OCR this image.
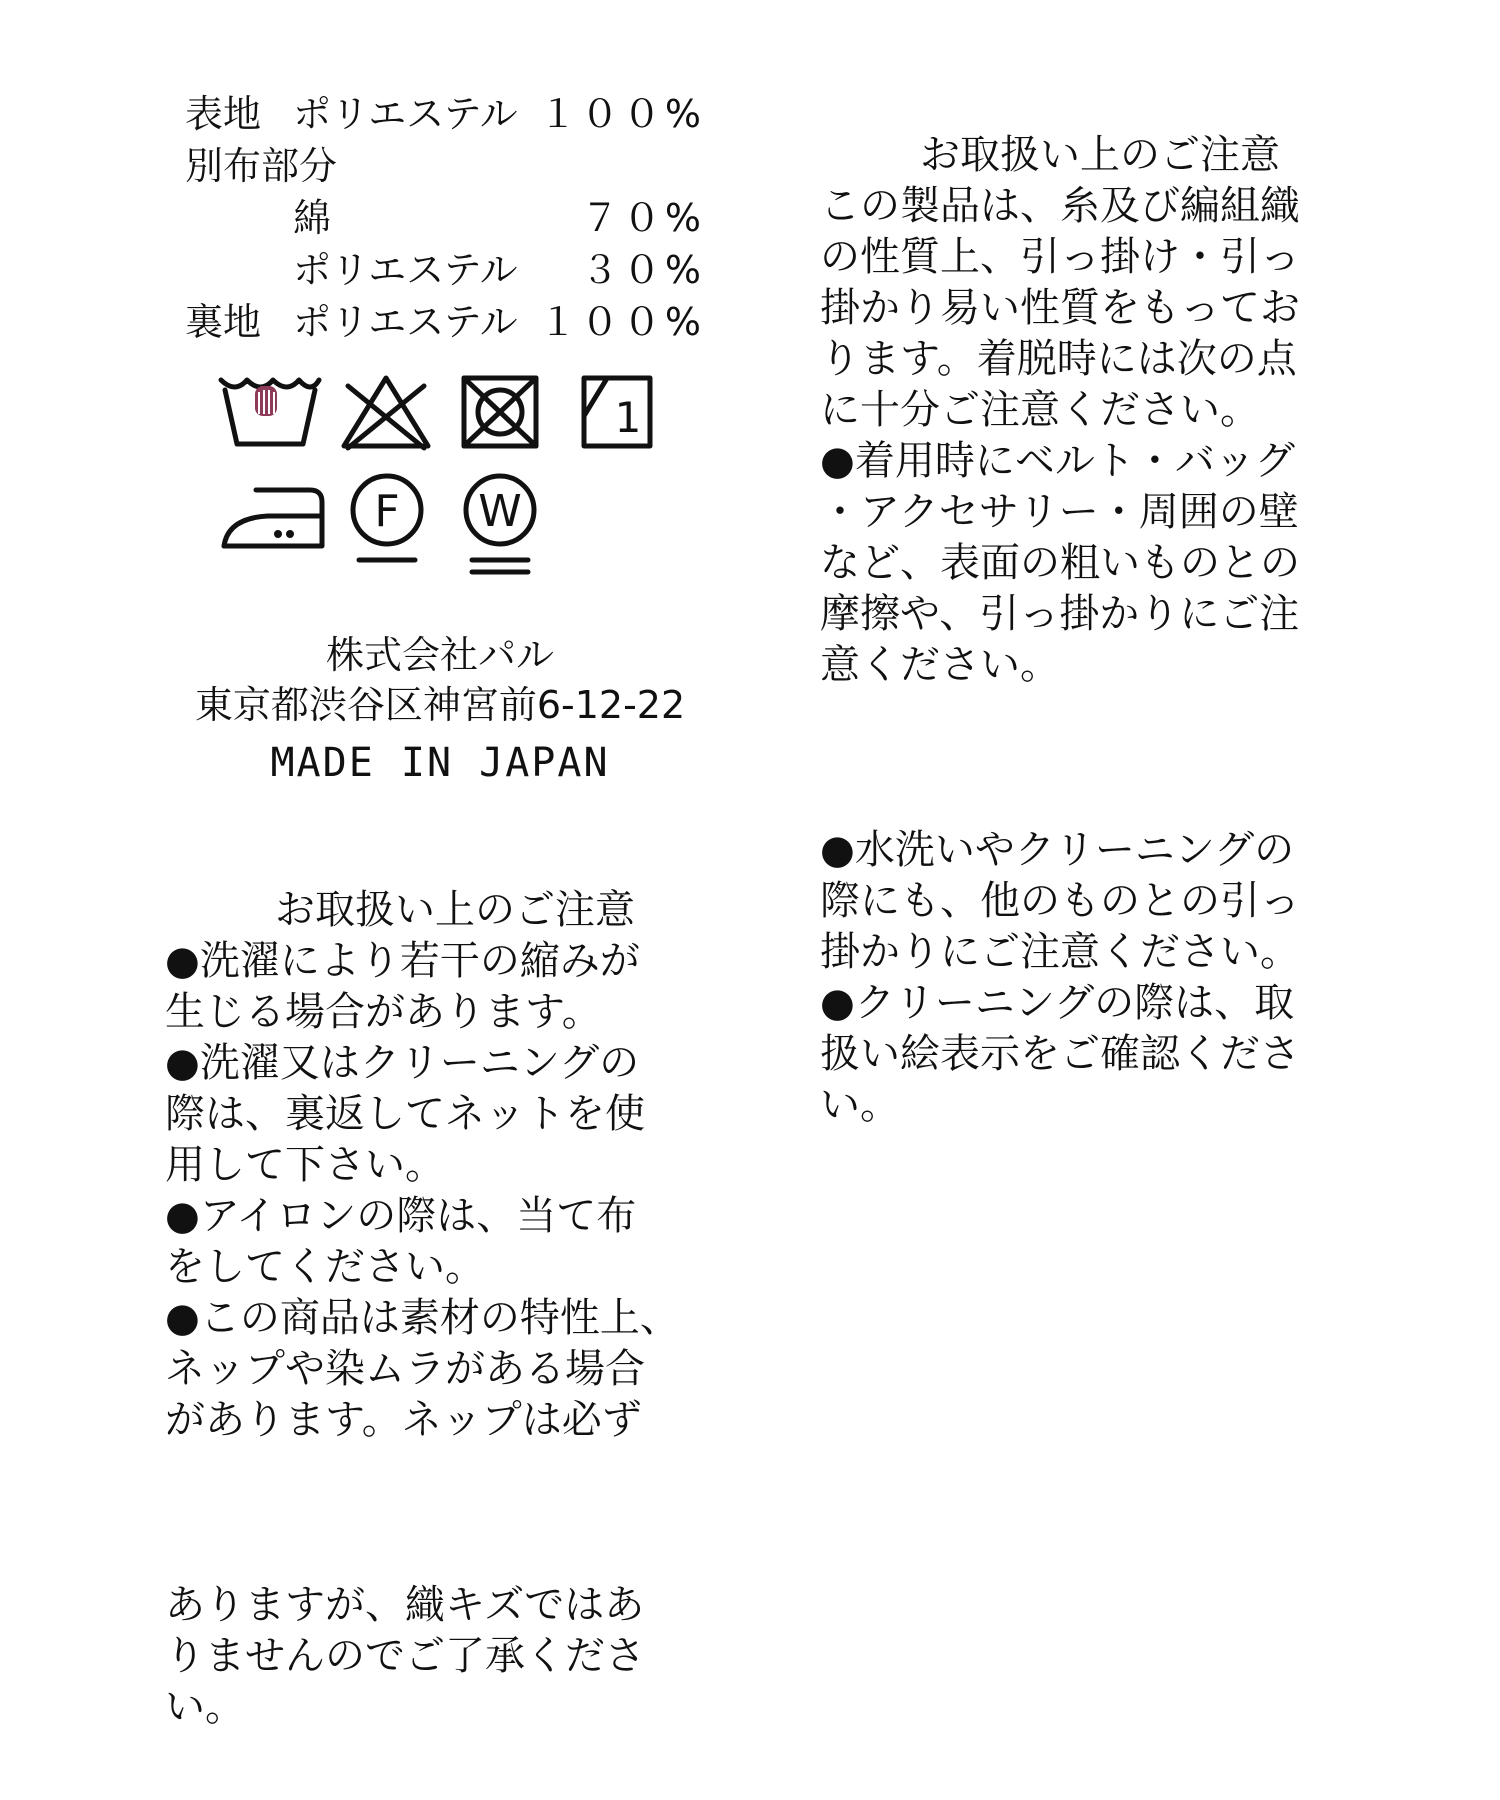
表地 ポリエステル １００%
別布部分
綿	７０%
ポリエステル ３０%
裏地 ポリエステル １００%
1
F W
株式会社パル
東京都渋谷区神宮前6-12-22
MADE IN JAPAN
お取扱い上のご注意
●洗濯により若干の縮みが
生じる場合があります。
●洗濯又はクリーニングの
際は、裏返してネットを使
用して下さい。
●アイロンの際は、当て布
をしてください。
●この商品は素材の特性上、
ネップや染ムラがある場合
があります。ネップは必ず
ありますが、織キズではあ
りませんのでご了承くださ
い。
お取扱い上のご注意
この製品は、糸及び編組織
の性質上、引っ掛け・引っ
掛かり易い性質をもってお
ります。着脱時には次の点
に十分ご注意ください。
●着用時にベルト・バッグ
・アクセサリー・周囲の壁
など、表面の粗いものとの
摩擦や、引っ掛かりにご注
意ください。
●水洗いやクリーニングの
際にも、他のものとの引っ
掛かりにご注意ください。
●クリーニングの際は、取
扱い絵表示をご確認くださ
い。
